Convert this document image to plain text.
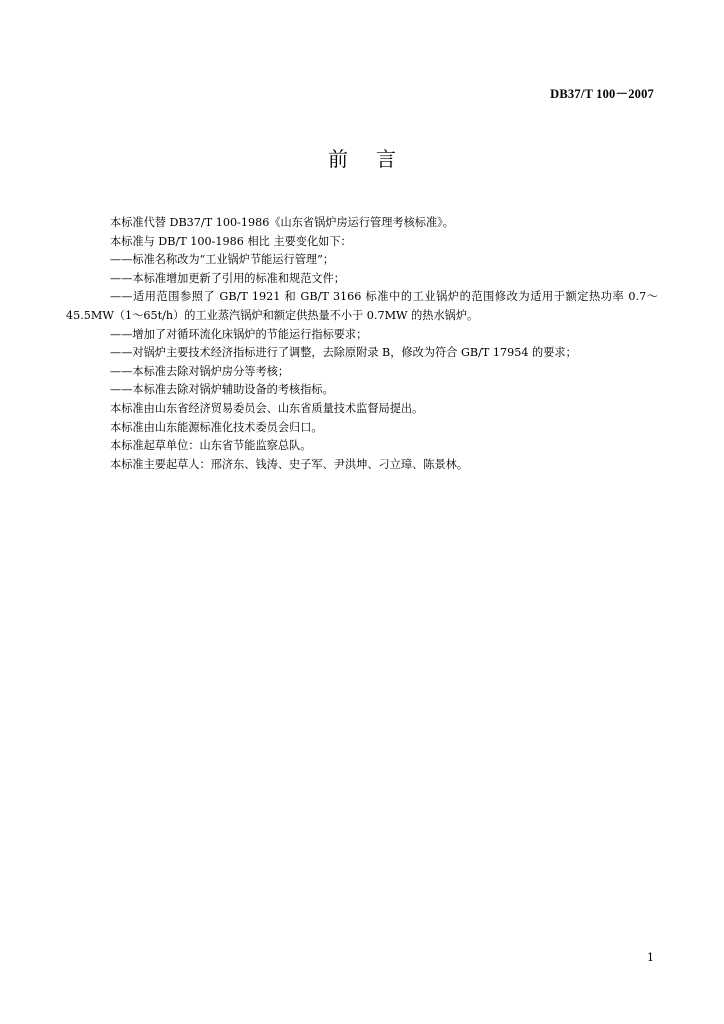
DB37/T 100－2007
前言
本标准代替 DB37/T 100-1986《山东省锅炉房运行管理考核标准》。
本标准与 DB/T 100-1986 相比 主要变化如下：
——标准名称改为“工业锅炉节能运行管理”；
——本标准增加更新了引用的标准和规范文件；
——适用范围参照了 GB/T 1921 和 GB/T 3166 标准中的工业锅炉的范围修改为适用于额定热功率 0.7～45.5MW（1～65t/h）的工业蒸汽锅炉和额定供热量不小于 0.7MW 的热水锅炉。
——增加了对循环流化床锅炉的节能运行指标要求；
——对锅炉主要技术经济指标进行了调整，去除原附录 B，修改为符合 GB/T 17954 的要求；
——本标准去除对锅炉房分等考核；
——本标准去除对锅炉辅助设备的考核指标。
本标准由山东省经济贸易委员会、山东省质量技术监督局提出。
本标准由山东能源标准化技术委员会归口。
本标准起草单位：山东省节能监察总队。
本标准主要起草人：邢济东、钱涛、史子军、尹洪坤、刁立璋、陈景林。
1
